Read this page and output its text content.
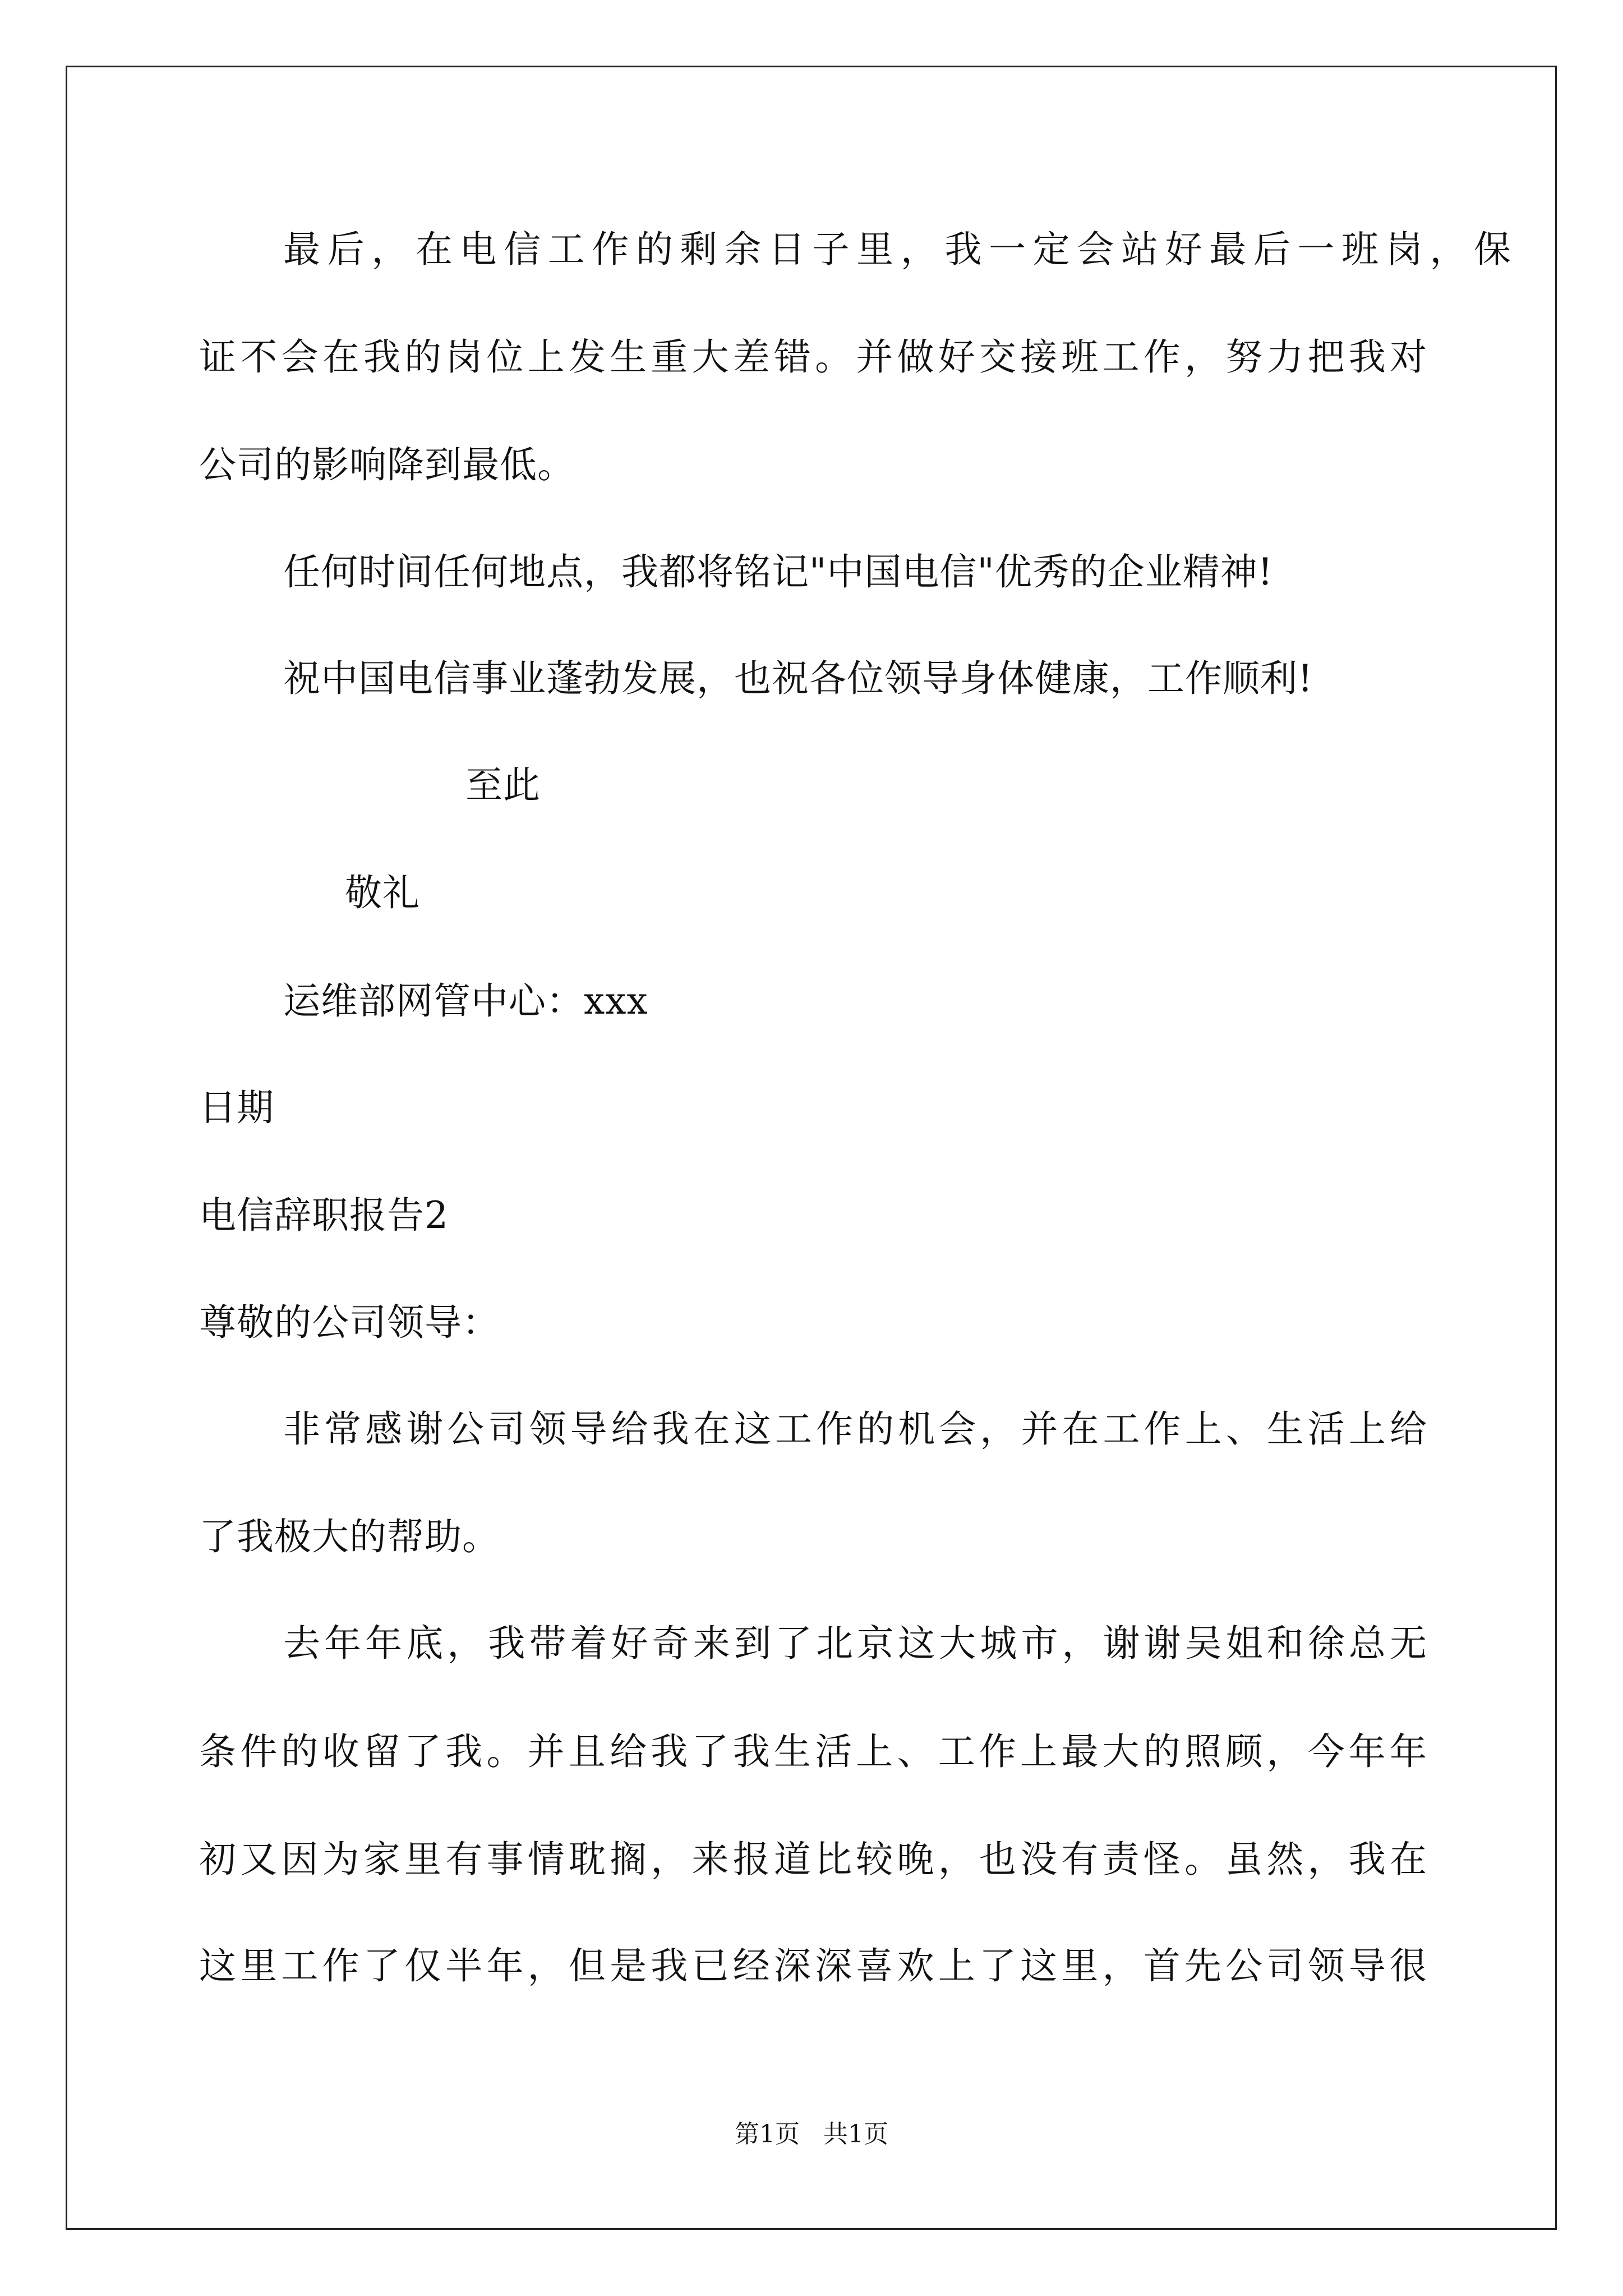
最后，在电信工作的剩余日子里，我一定会站好最后一班岗，保
证不会在我的岗位上发生重大差错。并做好交接班工作，努力把我对
公司的影响降到最低。
任何时间任何地点，我都将铭记"中国电信"优秀的企业精神!
祝中国电信事业蓬勃发展，也祝各位领导身体健康，工作顺利!
至此
敬礼
运维部网管中心：xxx
日期
电信辞职报告2
尊敬的公司领导：
非常感谢公司领导给我在这工作的机会，并在工作上、生活上给
了我极大的帮助。
去年年底，我带着好奇来到了北京这大城市，谢谢吴姐和徐总无
条件的收留了我。并且给我了我生活上、工作上最大的照顾，今年年
初又因为家里有事情耽搁，来报道比较晚，也没有责怪。虽然，我在
这里工作了仅半年，但是我已经深深喜欢上了这里，首先公司领导很
第1页   共1页
